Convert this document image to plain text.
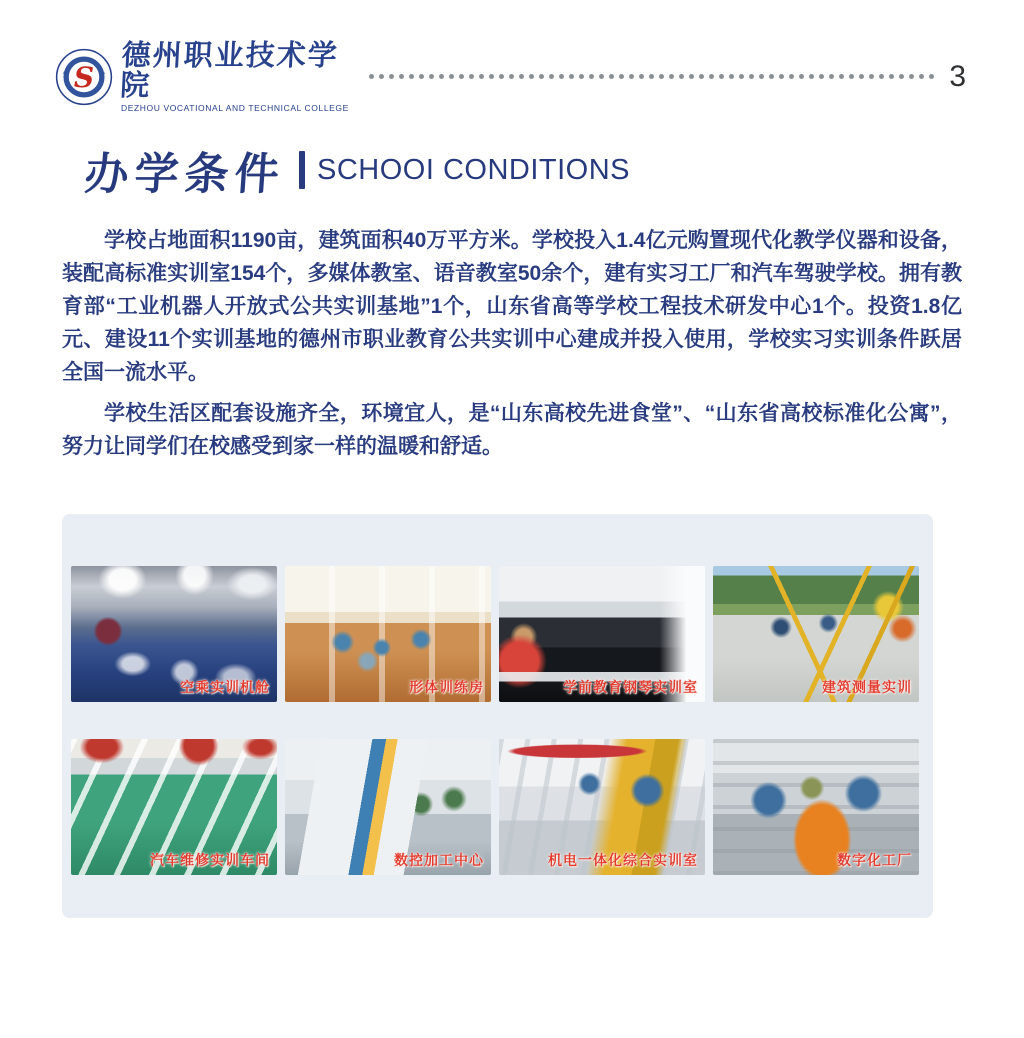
S
德州职业技术学院
DEZHOU VOCATIONAL AND TECHNICAL COLLEGE
3
办学条件 SCHOOI CONDITIONS

学校占地面积1190亩，建筑面积40万平方米。学校投入1.4亿元购置现代化教学仪器和设备，装配高标准实训室154个，多媒体教室、语音教室50余个，建有实习工厂和汽车驾驶学校。拥有教育部“工业机器人开放式公共实训基地”1个，山东省高等学校工程技术研发中心1个。投资1.8亿元、建设11个实训基地的德州市职业教育公共实训中心建成并投入使用，学校实习实训条件跃居全国一流水平。

学校生活区配套设施齐全，环境宜人，是“山东高校先进食堂”、“山东省高校标准化公寓”，努力让同学们在校感受到家一样的温暖和舒适。

空乘实训机舱	形体训练房	学前教育钢琴实训室	建筑测量实训
汽车维修实训车间	数控加工中心	机电一体化综合实训室	数字化工厂
